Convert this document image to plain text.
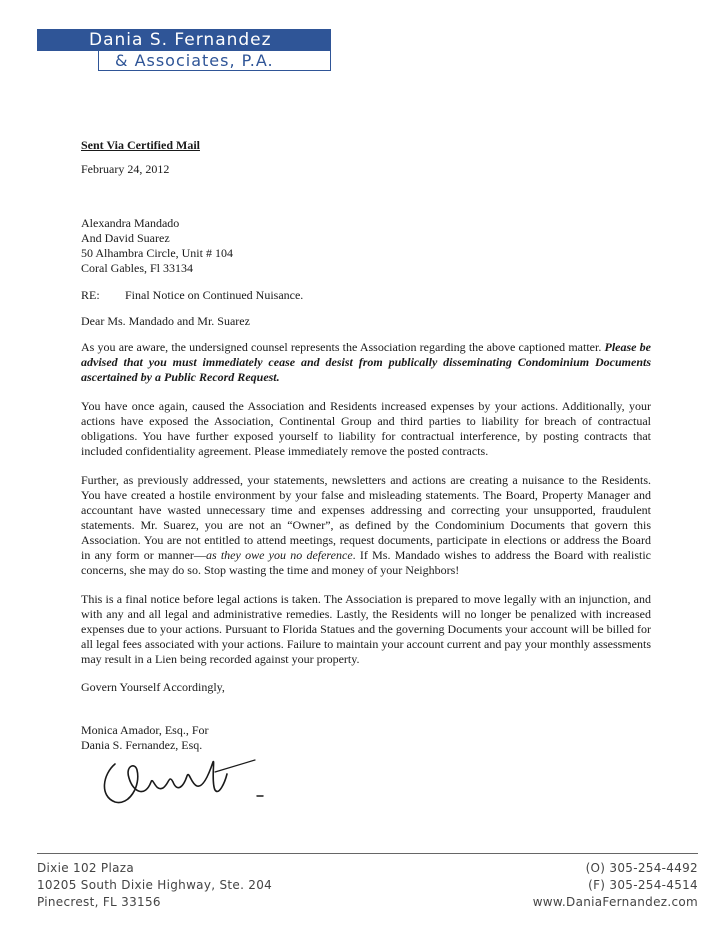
Dania S. Fernandez
& Associates, P.A.

Sent Via Certified Mail

February 24, 2012

Alexandra Mandado
And David Suarez
50 Alhambra Circle, Unit # 104
Coral Gables, Fl 33134

RE: Final Notice on Continued Nuisance.

Dear Ms. Mandado and Mr. Suarez

As you are aware, the undersigned counsel represents the Association regarding the above captioned matter. Please be advised that you must immediately cease and desist from publically disseminating Condominium Documents ascertained by a Public Record Request.

You have once again, caused the Association and Residents increased expenses by your actions. Additionally, your actions have exposed the Association, Continental Group and third parties to liability for breach of contractual obligations. You have further exposed yourself to liability for contractual interference, by posting contracts that included confidentiality agreement. Please immediately remove the posted contracts.

Further, as previously addressed, your statements, newsletters and actions are creating a nuisance to the Residents. You have created a hostile environment by your false and misleading statements. The Board, Property Manager and accountant have wasted unnecessary time and expenses addressing and correcting your unsupported, fraudulent statements. Mr. Suarez, you are not an “Owner”, as defined by the Condominium Documents that govern this Association. You are not entitled to attend meetings, request documents, participate in elections or address the Board in any form or manner—as they owe you no deference. If Ms. Mandado wishes to address the Board with realistic concerns, she may do so. Stop wasting the time and money of your Neighbors!

This is a final notice before legal actions is taken. The Association is prepared to move legally with an injunction, and with any and all legal and administrative remedies. Lastly, the Residents will no longer be penalized with increased expenses due to your actions. Pursuant to Florida Statues and the governing Documents your account will be billed for all legal fees associated with your actions. Failure to maintain your account current and pay your monthly assessments may result in a Lien being recorded against your property.

Govern Yourself Accordingly,

Monica Amador, Esq., For
Dania S. Fernandez, Esq.
Dixie 102 Plaza
10205 South Dixie Highway, Ste. 204
Pinecrest, FL 33156
(O) 305-254-4492
(F) 305-254-4514
www.DaniaFernandez.com
